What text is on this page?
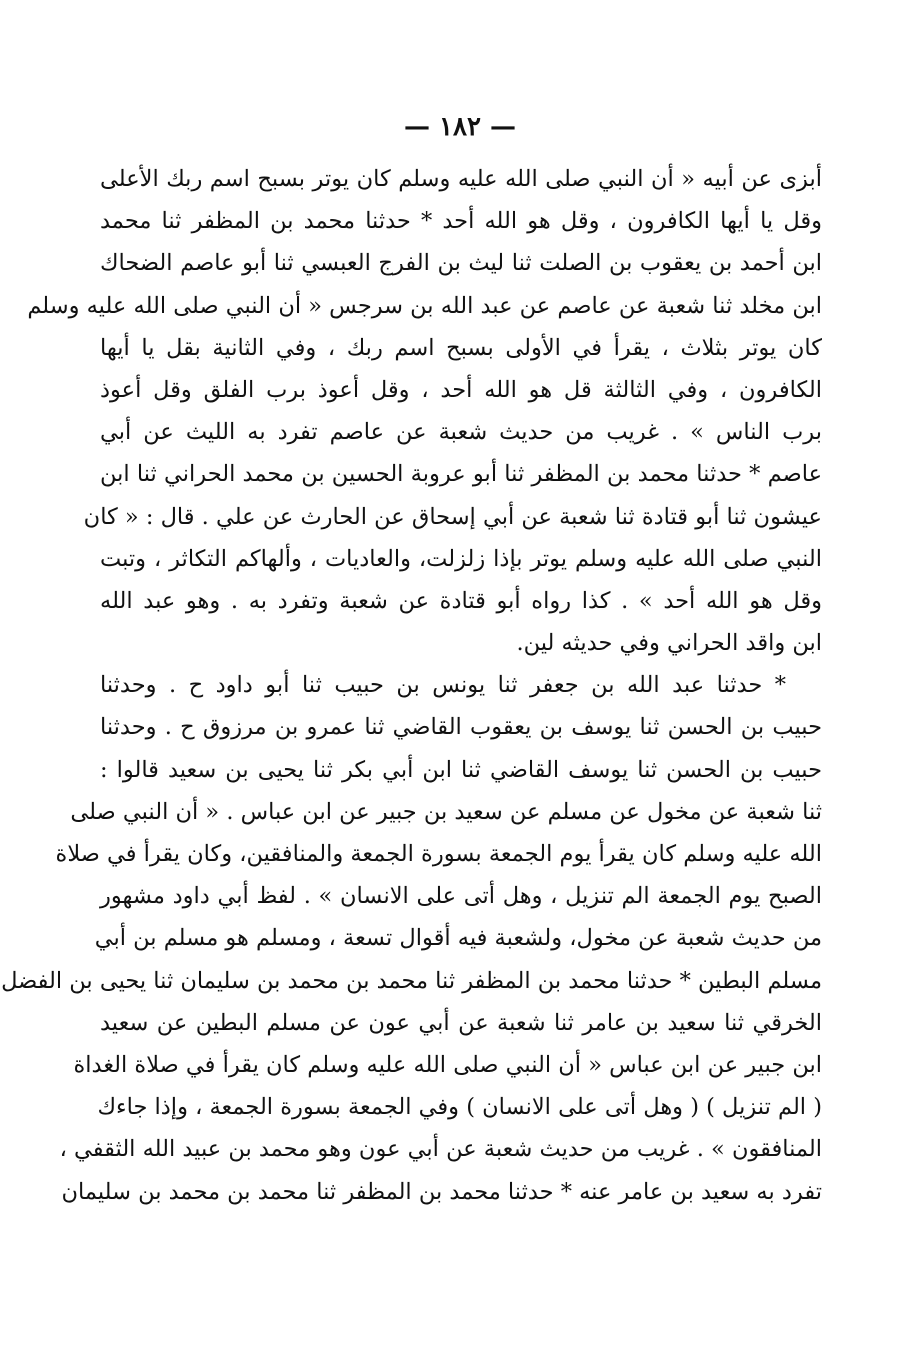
— ١٨٢ —
أبزى عن أبيه « أن النبي صلى الله عليه وسلم كان يوتر بسبح اسم ربك الأعلى
وقل يا أيها الكافرون ، وقل هو الله أحد * حدثنا محمد بن المظفر ثنا محمد
ابن أحمد بن يعقوب بن الصلت ثنا ليث بن الفرج العبسي ثنا أبو عاصم الضحاك
ابن مخلد ثنا شعبة عن عاصم عن عبد الله بن سرجس « أن النبي صلى الله عليه وسلم
كان يوتر بثلاث ، يقرأ في الأولى بسبح اسم ربك ، وفي الثانية بقل يا أيها
الكافرون ، وفي الثالثة قل هو الله أحد ، وقل أعوذ برب الفلق وقل أعوذ
برب الناس » . غريب من حديث شعبة عن عاصم تفرد به الليث عن أبي
عاصم * حدثنا محمد بن المظفر ثنا أبو عروبة الحسين بن محمد الحراني ثنا ابن
عيشون ثنا أبو قتادة ثنا شعبة عن أبي إسحاق عن الحارث عن علي . قال : « كان
النبي صلى الله عليه وسلم يوتر بإذا زلزلت، والعاديات ، وألهاكم التكاثر ، وتبت
وقل هو الله أحد » . كذا رواه أبو قتادة عن شعبة وتفرد به . وهو عبد الله
ابن واقد الحراني وفي حديثه لين.
* حدثنا عبد الله بن جعفر ثنا يونس بن حبيب ثنا أبو داود ح . وحدثنا
حبيب بن الحسن ثنا يوسف بن يعقوب القاضي ثنا عمرو بن مرزوق ح . وحدثنا
حبيب بن الحسن ثنا يوسف القاضي ثنا ابن أبي بكر ثنا يحيى بن سعيد قالوا :
ثنا شعبة عن مخول عن مسلم عن سعيد بن جبير عن ابن عباس . « أن النبي صلى
الله عليه وسلم كان يقرأ يوم الجمعة بسورة الجمعة والمنافقين، وكان يقرأ في صلاة
الصبح يوم الجمعة الم تنزيل ، وهل أتى على الانسان » . لفظ أبي داود مشهور
من حديث شعبة عن مخول، ولشعبة فيه أقوال تسعة ، ومسلم هو مسلم بن أبي
مسلم البطين * حدثنا محمد بن المظفر ثنا محمد بن محمد بن سليمان ثنا يحيى بن الفضل
الخرقي ثنا سعيد بن عامر ثنا شعبة عن أبي عون عن مسلم البطين عن سعيد
ابن جبير عن ابن عباس « أن النبي صلى الله عليه وسلم كان يقرأ في صلاة الغداة
( الم تنزيل ) ( وهل أتى على الانسان ) وفي الجمعة بسورة الجمعة ، وإذا جاءك
المنافقون » . غريب من حديث شعبة عن أبي عون وهو محمد بن عبيد الله الثقفي ،
تفرد به سعيد بن عامر عنه * حدثنا محمد بن المظفر ثنا محمد بن محمد بن سليمان
